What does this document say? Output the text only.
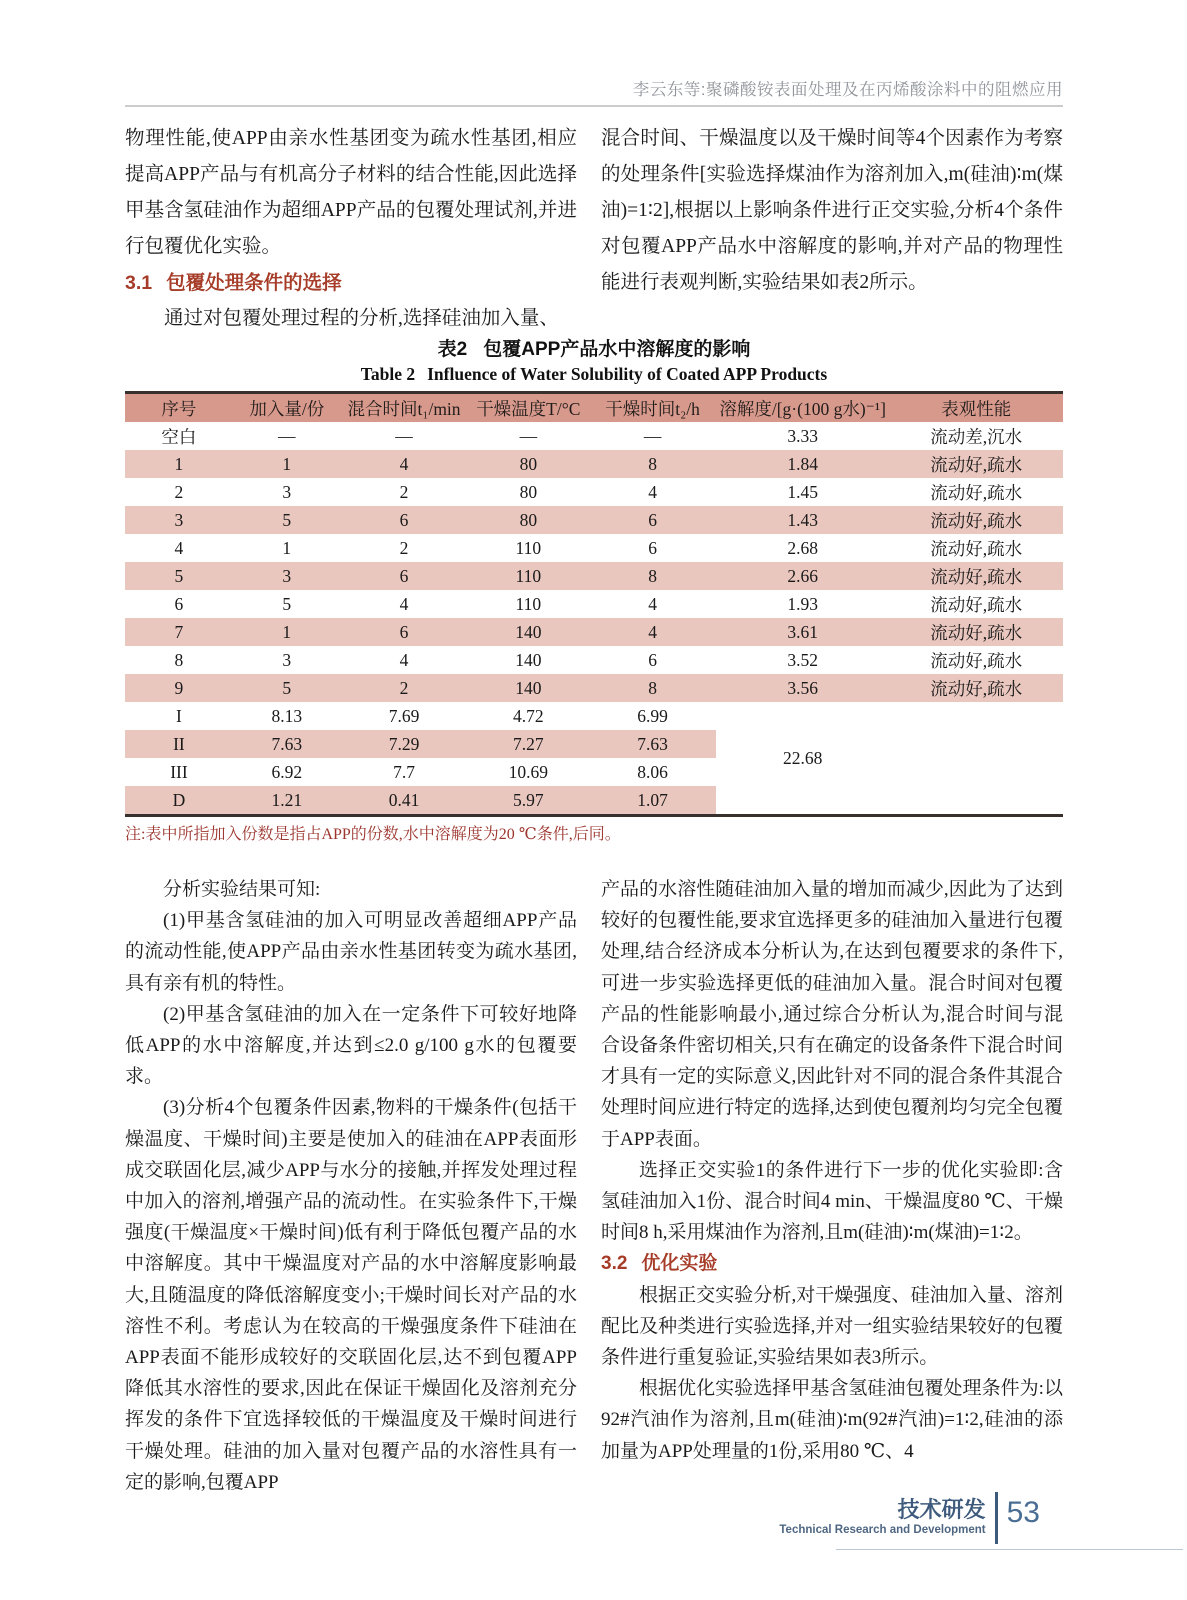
李云东等:聚磷酸铵表面处理及在丙烯酸涂料中的阻燃应用

物理性能,使APP由亲水性基团变为疏水性基团,相应提高APP产品与有机高分子材料的结合性能,因此选择甲基含氢硅油作为超细APP产品的包覆处理试剂,并进行包覆优化实验。

3.1 包覆处理条件的选择

通过对包覆处理过程的分析,选择硅油加入量、

混合时间、干燥温度以及干燥时间等4个因素作为考察的处理条件[实验选择煤油作为溶剂加入,m(硅油)∶m(煤油)=1∶2],根据以上影响条件进行正交实验,分析4个条件对包覆APP产品水中溶解度的影响,并对产品的物理性能进行表观判断,实验结果如表2所示。

表2 包覆APP产品水中溶解度的影响
Table 2 Influence of Water Solubility of Coated APP Products
序号	加入量/份	混合时间t₁/min	干燥温度T/°C	干燥时间t₂/h	溶解度/[g·(100 g水)⁻¹]	表观性能
空白	—	—	—	—	3.33	流动差,沉水
1	1	4	80	8	1.84	流动好,疏水
2	3	2	80	4	1.45	流动好,疏水
3	5	6	80	6	1.43	流动好,疏水
4	1	2	110	6	2.68	流动好,疏水
5	3	6	110	8	2.66	流动好,疏水
6	5	4	110	4	1.93	流动好,疏水
7	1	6	140	4	3.61	流动好,疏水
8	3	4	140	6	3.52	流动好,疏水
9	5	2	140	8	3.56	流动好,疏水
I	8.13	7.69	4.72	6.99	22.68	
II	7.63	7.29	7.27	7.63		
III	6.92	7.7	10.69	8.06		
D	1.21	0.41	5.97	1.07		
注:表中所指加入份数是指占APP的份数,水中溶解度为20 ℃条件,后同。

分析实验结果可知:

(1)甲基含氢硅油的加入可明显改善超细APP产品的流动性能,使APP产品由亲水性基团转变为疏水基团,具有亲有机的特性。

(2)甲基含氢硅油的加入在一定条件下可较好地降低APP的水中溶解度,并达到≤2.0 g/100 g水的包覆要求。

(3)分析4个包覆条件因素,物料的干燥条件(包括干燥温度、干燥时间)主要是使加入的硅油在APP表面形成交联固化层,减少APP与水分的接触,并挥发处理过程中加入的溶剂,增强产品的流动性。在实验条件下,干燥强度(干燥温度×干燥时间)低有利于降低包覆产品的水中溶解度。其中干燥温度对产品的水中溶解度影响最大,且随温度的降低溶解度变小;干燥时间长对产品的水溶性不利。考虑认为在较高的干燥强度条件下硅油在APP表面不能形成较好的交联固化层,达不到包覆APP降低其水溶性的要求,因此在保证干燥固化及溶剂充分挥发的条件下宜选择较低的干燥温度及干燥时间进行干燥处理。硅油的加入量对包覆产品的水溶性具有一定的影响,包覆APP

产品的水溶性随硅油加入量的增加而减少,因此为了达到较好的包覆性能,要求宜选择更多的硅油加入量进行包覆处理,结合经济成本分析认为,在达到包覆要求的条件下,可进一步实验选择更低的硅油加入量。混合时间对包覆产品的性能影响最小,通过综合分析认为,混合时间与混合设备条件密切相关,只有在确定的设备条件下混合时间才具有一定的实际意义,因此针对不同的混合条件其混合处理时间应进行特定的选择,达到使包覆剂均匀完全包覆于APP表面。

选择正交实验1的条件进行下一步的优化实验即:含氢硅油加入1份、混合时间4 min、干燥温度80 ℃、干燥时间8 h,采用煤油作为溶剂,且m(硅油)∶m(煤油)=1∶2。

3.2 优化实验

根据正交实验分析,对干燥强度、硅油加入量、溶剂配比及种类进行实验选择,并对一组实验结果较好的包覆条件进行重复验证,实验结果如表3所示。

根据优化实验选择甲基含氢硅油包覆处理条件为:以92#汽油作为溶剂,且m(硅油)∶m(92#汽油)=1∶2,硅油的添加量为APP处理量的1份,采用80 ℃、4

技术研发
Technical Research and Development
53
